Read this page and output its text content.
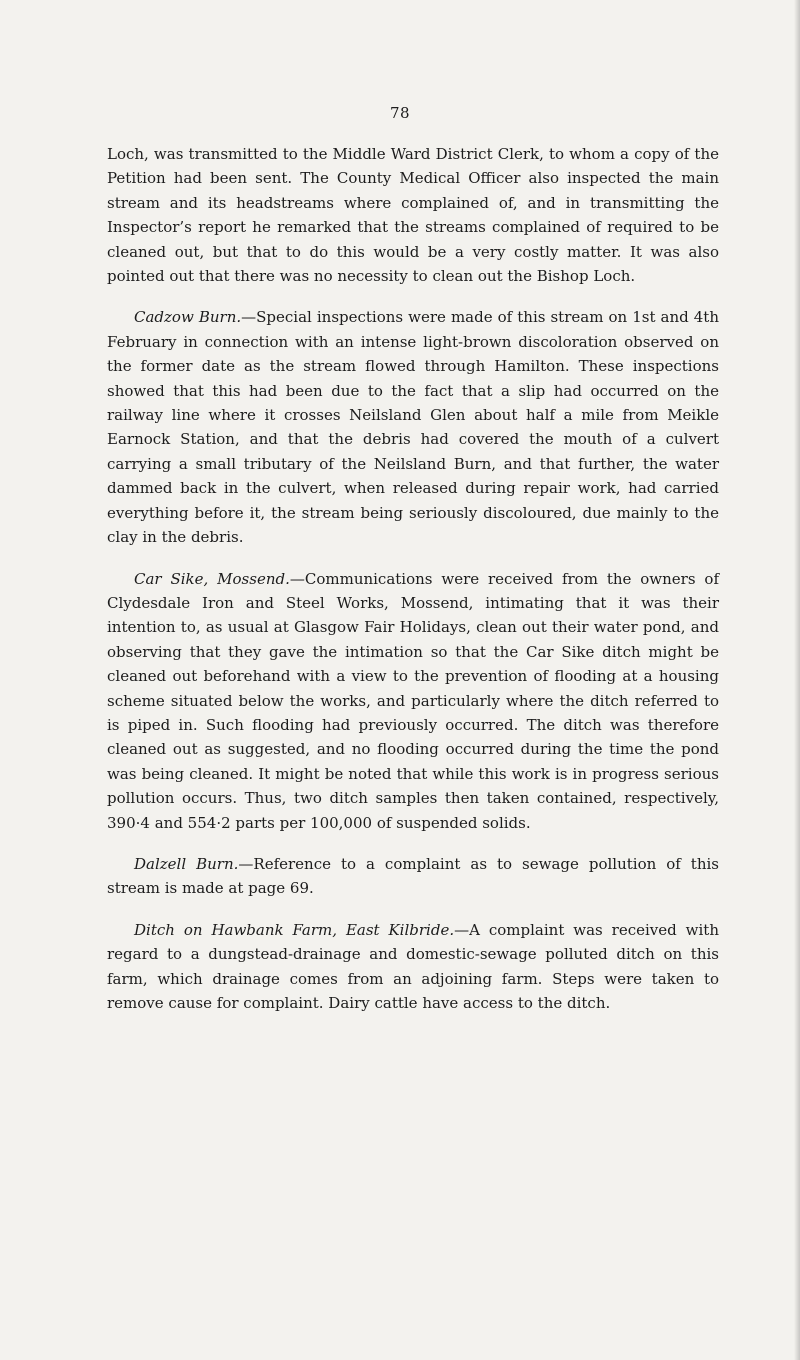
78

Loch, was transmitted to the Middle Ward District Clerk, to whom a copy of the Petition had been sent. The County Medical Officer also inspected the main stream and its headstreams where complained of, and in transmitting the Inspector’s report he remarked that the streams complained of required to be cleaned out, but that to do this would be a very costly matter. It was also pointed out that there was no necessity to clean out the Bishop Loch.

Cadzow Burn.—Special inspections were made of this stream on 1st and 4th February in connection with an intense light-brown discoloration observed on the former date as the stream flowed through Hamilton. These inspections showed that this had been due to the fact that a slip had occurred on the railway line where it crosses Neilsland Glen about half a mile from Meikle Earnock Station, and that the debris had covered the mouth of a culvert carrying a small tributary of the Neilsland Burn, and that further, the water dammed back in the culvert, when released during repair work, had carried everything before it, the stream being seriously discoloured, due mainly to the clay in the debris.

Car Sike, Mossend.—Communications were received from the owners of Clydesdale Iron and Steel Works, Mossend, intimating that it was their intention to, as usual at Glasgow Fair Holidays, clean out their water pond, and observing that they gave the intimation so that the Car Sike ditch might be cleaned out beforehand with a view to the prevention of flooding at a housing scheme situated below the works, and particularly where the ditch referred to is piped in. Such flooding had previously occurred. The ditch was therefore cleaned out as suggested, and no flooding occurred during the time the pond was being cleaned. It might be noted that while this work is in progress serious pollution occurs. Thus, two ditch samples then taken contained, respectively, 390·4 and 554·2 parts per 100,000 of suspended solids.

Dalzell Burn.—Reference to a complaint as to sewage pollution of this stream is made at page 69.

Ditch on Hawbank Farm, East Kilbride.—A complaint was received with regard to a dungstead-drainage and domestic-sewage polluted ditch on this farm, which drainage comes from an adjoining farm. Steps were taken to remove cause for complaint. Dairy cattle have access to the ditch.
